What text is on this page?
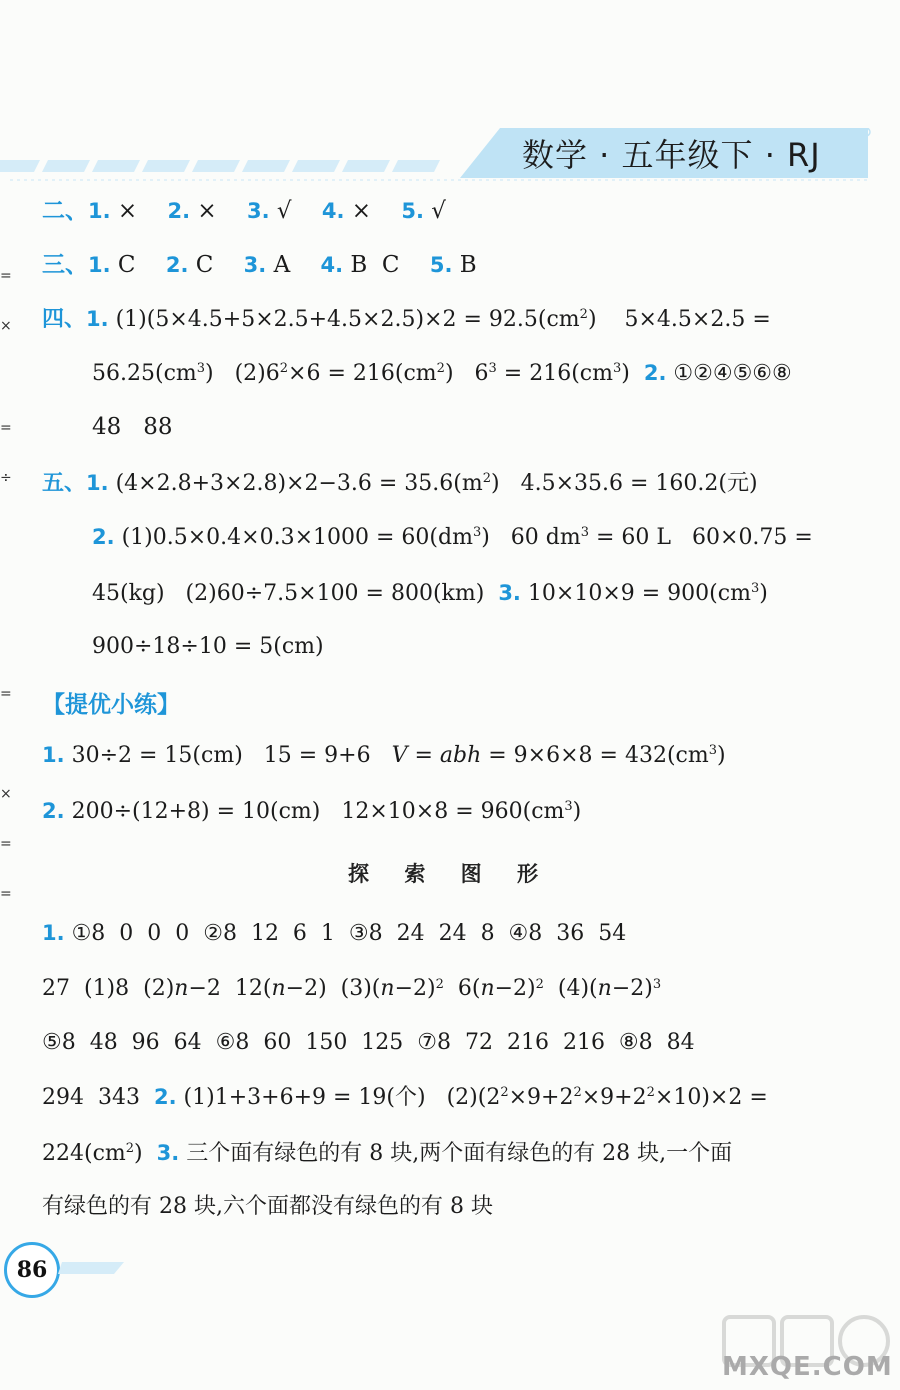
数学 · 五年级下 · RJ
=
×
=
÷
=
×
=
=
二、1. ×  2. ×  3. √  4. ×  5. √
三、1. C  2. C  3. A  4. B  C  5. B
四、1. $(1)(5\times 4.5+5\times 2.5+4.5\times 2.5)\times 2 = 92.5(cm^2)$    5×4.5×2.5 =
$56.25(cm^3) (2)6^2\times 6 = 216(cm^2) 6^3 = 216(cm^3)$  2. ①②④⑤⑥⑧
48   88
五、1. $(4\times 2.8+3\times 2.8)\times 2-3.6 = 35.6(m^2) 4.5\times 35.6 = 160.2$(元)
2. $(1)0.5\times 0.4\times 0.3\times 1000 = 60(dm^3)$   60 $dm^3 = 60$ L   60×0.75 =
45(kg)   (2)60÷7.5×100 = 800(km)  3. $10\times 10\times 9 = 900(cm^3)$
900÷18÷10 = 5(cm)
【提优小练】
1. 30÷2 = 15(cm)   15 = 9+6   V = abh = $9\times 6\times 8 = 432(cm^3)$
2. 200÷(12+8) = 10(cm)   $12\times 10\times 8 = 960(cm^3)$
探 索 图 形
1. ①8  0  0  0  ②8  12  6  1  ③8  24  24  8  ④8  36  54
27  (1)8  (2)n−2  12(n−2)  $(3)(n-2)^2$  $6(n-2)^2$  $(4)(n-2)^3$
⑤8  48  96  64  ⑥8  60  150  125  ⑦8  72  216  216  ⑧8  84
294  343  2. (1)1+3+6+9 = 19(个)   $(2)(2^2\times 9+2^2\times 9+2^2\times 10)\times 2$ =
$224(cm^2)$  3. 三个面有绿色的有 8 块,两个面有绿色的有 28 块,一个面
有绿色的有 28 块,六个面都没有绿色的有 8 块
86
MXQE.COM
